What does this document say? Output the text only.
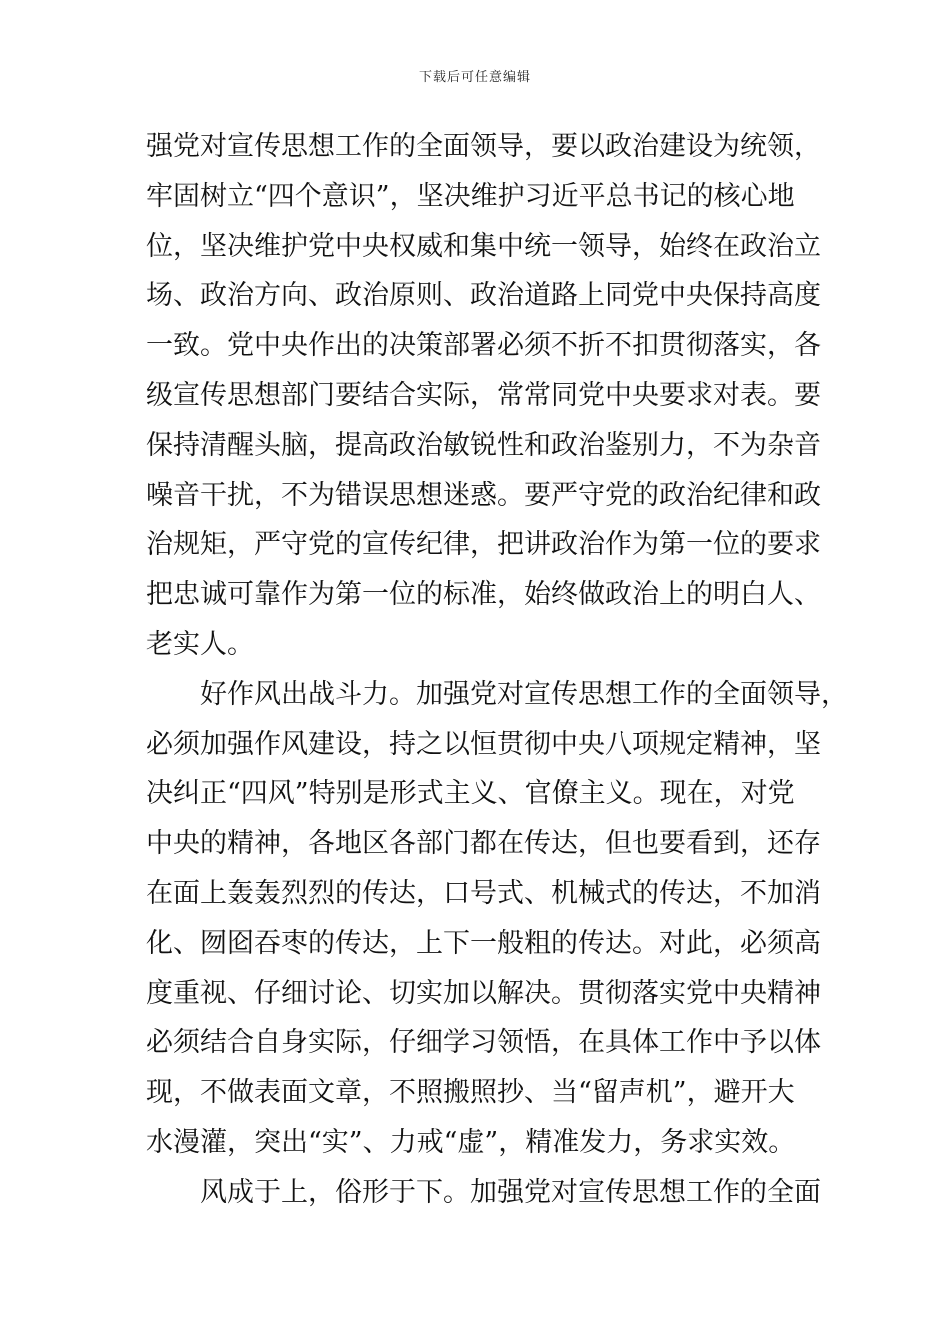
下载后可任意编辑
强党对宣传思想工作的全面领导，要以政治建设为统领，
牢固树立“四个意识”，坚决维护习近平总书记的核心地
位，坚决维护党中央权威和集中统一领导，始终在政治立
场、政治方向、政治原则、政治道路上同党中央保持高度
一致。党中央作出的决策部署必须不折不扣贯彻落实，各
级宣传思想部门要结合实际，常常同党中央要求对表。要
保持清醒头脑，提高政治敏锐性和政治鉴别力，不为杂音
噪音干扰，不为错误思想迷惑。要严守党的政治纪律和政
治规矩，严守党的宣传纪律，把讲政治作为第一位的要求
把忠诚可靠作为第一位的标准，始终做政治上的明白人、
老实人。
好作风出战斗力。加强党对宣传思想工作的全面领导，
必须加强作风建设，持之以恒贯彻中央八项规定精神，坚
决纠正“四风”特别是形式主义、官僚主义。现在，对党
中央的精神，各地区各部门都在传达，但也要看到，还存
在面上轰轰烈烈的传达，口号式、机械式的传达，不加消
化、囫囵吞枣的传达，上下一般粗的传达。对此，必须高
度重视、仔细讨论、切实加以解决。贯彻落实党中央精神
必须结合自身实际，仔细学习领悟，在具体工作中予以体
现，不做表面文章，不照搬照抄、当“留声机”，避开大
水漫灌，突出“实”、力戒“虚”，精准发力，务求实效。
风成于上，俗形于下。加强党对宣传思想工作的全面
